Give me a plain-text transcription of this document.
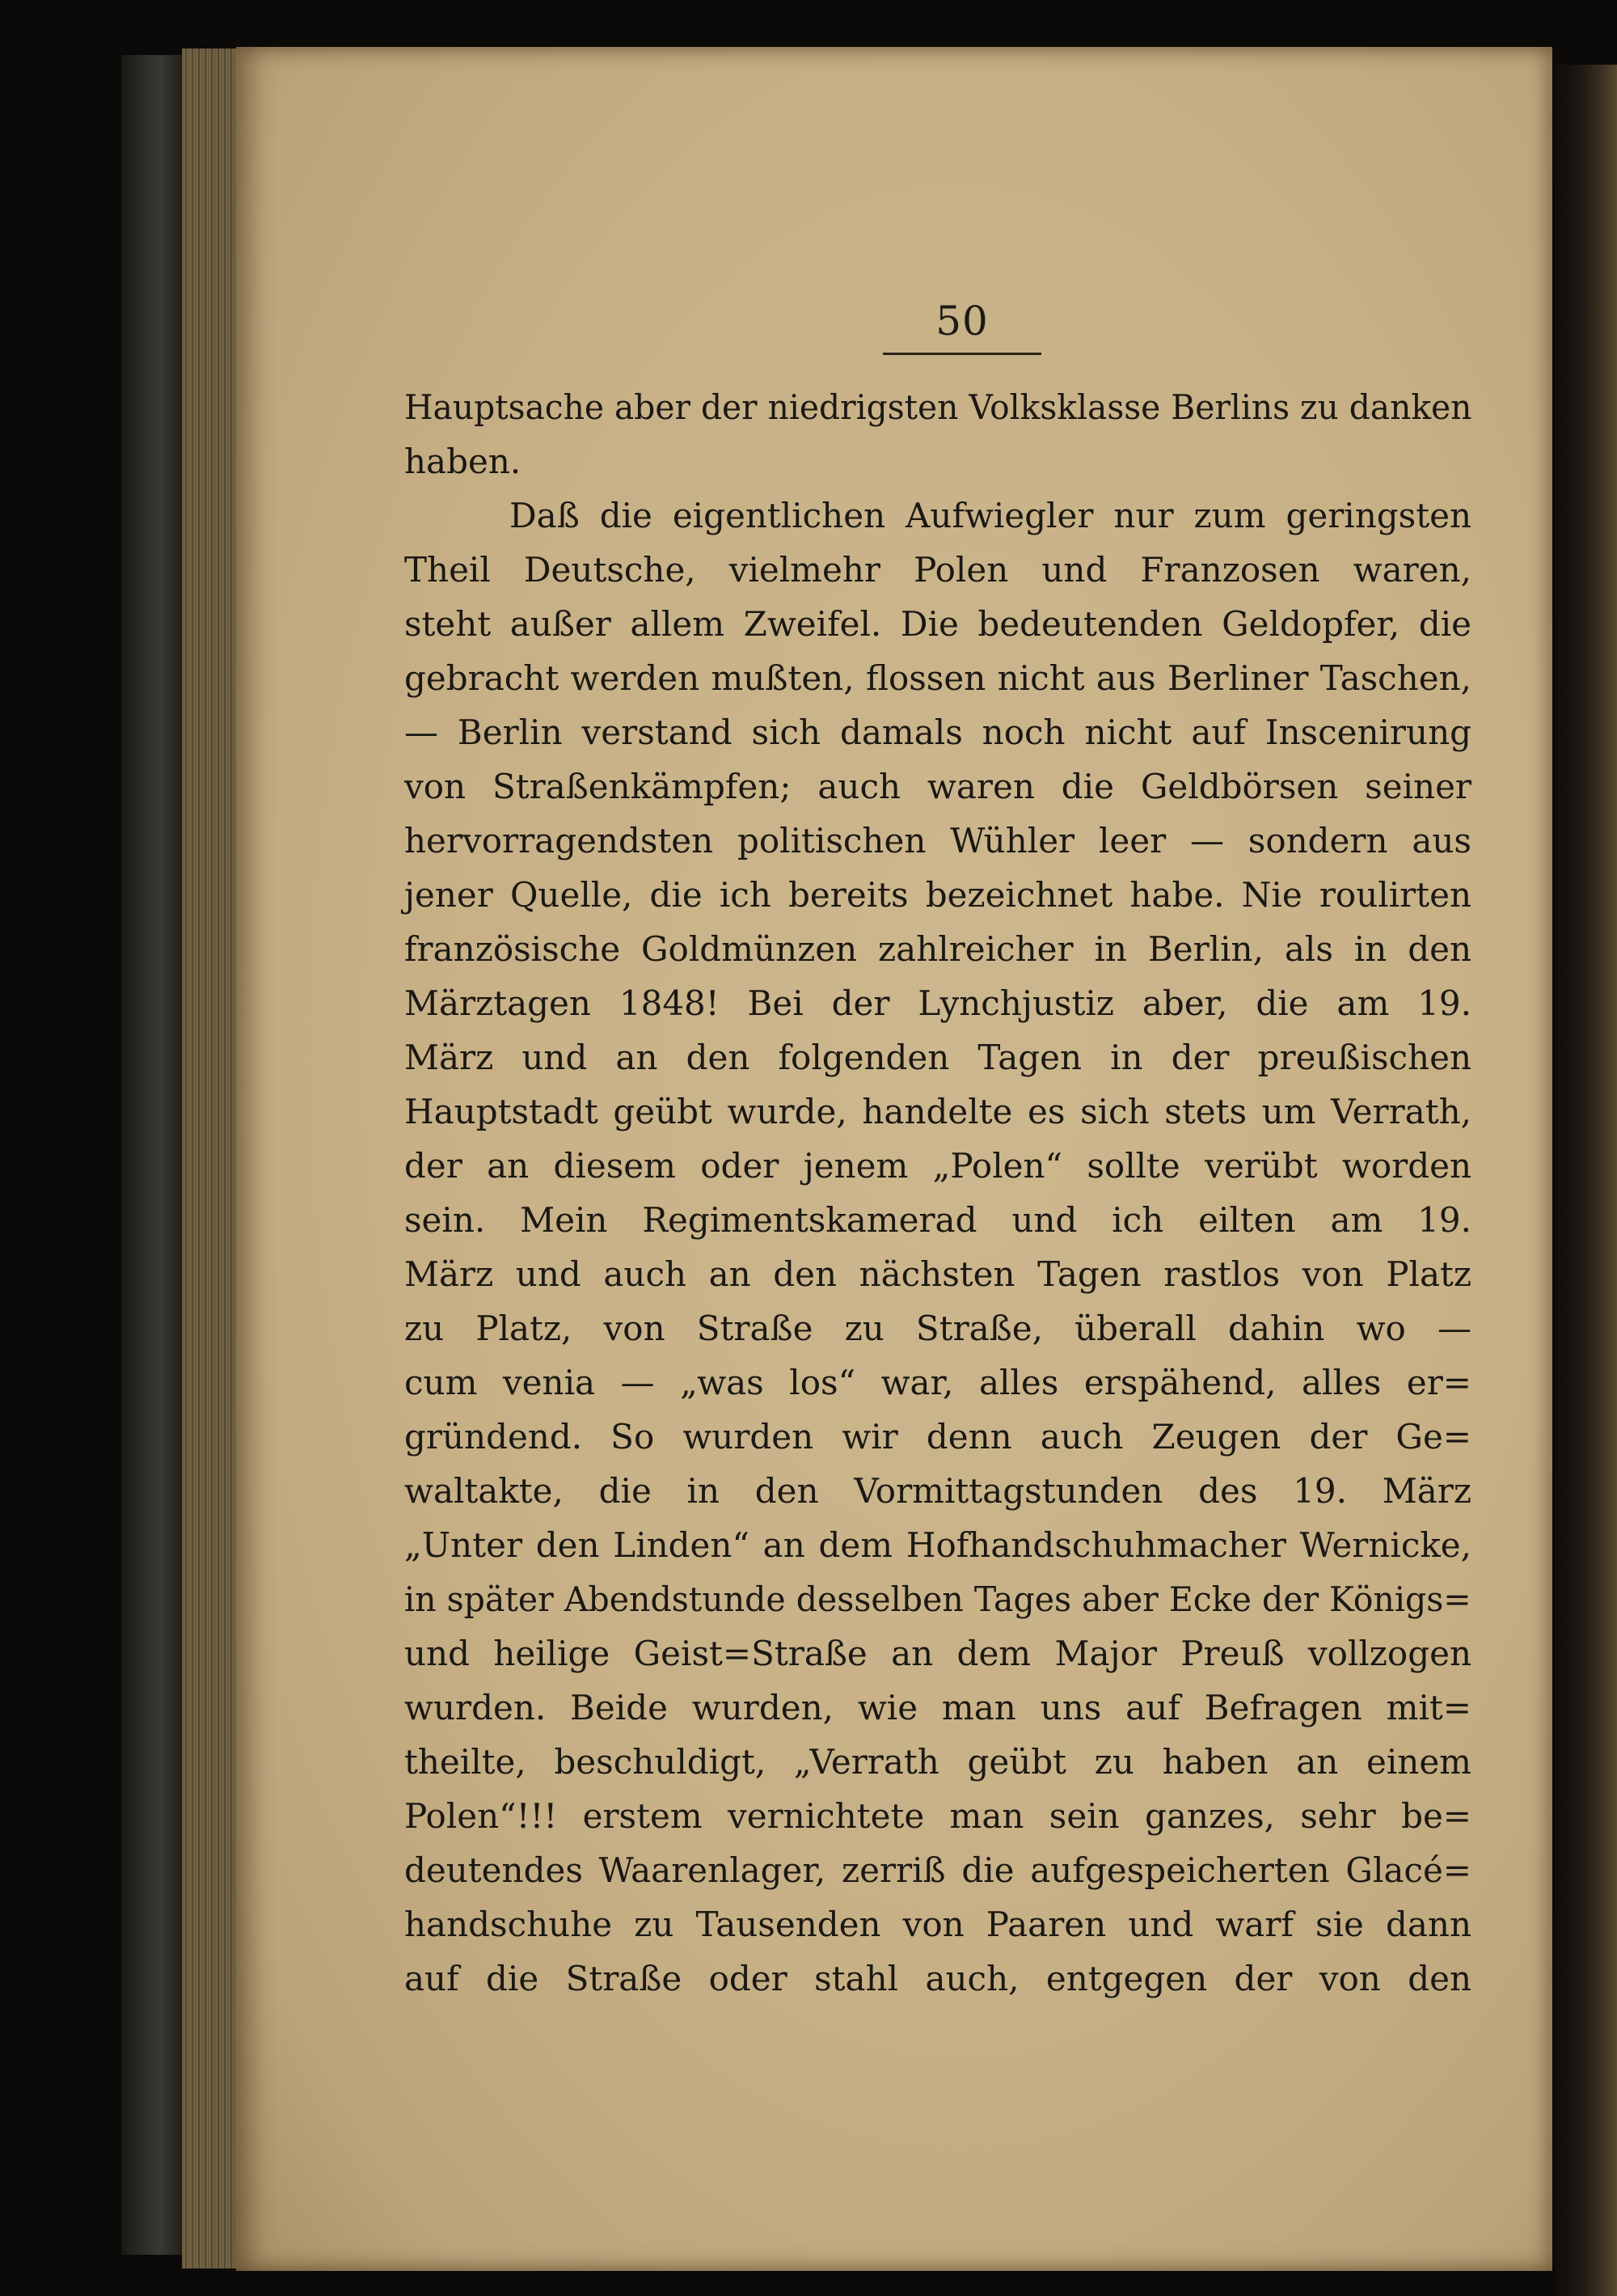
50
Hauptsache aber der niedrigsten Volksklasse Berlins zu danken
haben.
Daß die eigentlichen Aufwiegler nur zum geringsten
Theil Deutsche, vielmehr Polen und Franzosen waren,
steht außer allem Zweifel. Die bedeutenden Geldopfer, die
gebracht werden mußten, flossen nicht aus Berliner Taschen,
— Berlin verstand sich damals noch nicht auf Inscenirung
von Straßenkämpfen; auch waren die Geldbörsen seiner
hervorragendsten politischen Wühler leer — sondern aus
jener Quelle, die ich bereits bezeichnet habe. Nie roulirten
französische Goldmünzen zahlreicher in Berlin, als in den
Märztagen 1848! Bei der Lynchjustiz aber, die am 19.
März und an den folgenden Tagen in der preußischen
Hauptstadt geübt wurde, handelte es sich stets um Verrath,
der an diesem oder jenem „Polen“ sollte verübt worden
sein. Mein Regimentskamerad und ich eilten am 19.
März und auch an den nächsten Tagen rastlos von Platz
zu Platz, von Straße zu Straße, überall dahin wo —
cum venia — „was los“ war, alles erspähend, alles er=
gründend. So wurden wir denn auch Zeugen der Ge=
waltakte, die in den Vormittagstunden des 19. März
„Unter den Linden“ an dem Hofhandschuhmacher Wernicke,
in später Abendstunde desselben Tages aber Ecke der Königs=
und heilige Geist=Straße an dem Major Preuß vollzogen
wurden. Beide wurden, wie man uns auf Befragen mit=
theilte, beschuldigt, „Verrath geübt zu haben an einem
Polen“!!! erstem vernichtete man sein ganzes, sehr be=
deutendes Waarenlager, zerriß die aufgespeicherten Glacé=
handschuhe zu Tausenden von Paaren und warf sie dann
auf die Straße oder stahl auch, entgegen der von den
